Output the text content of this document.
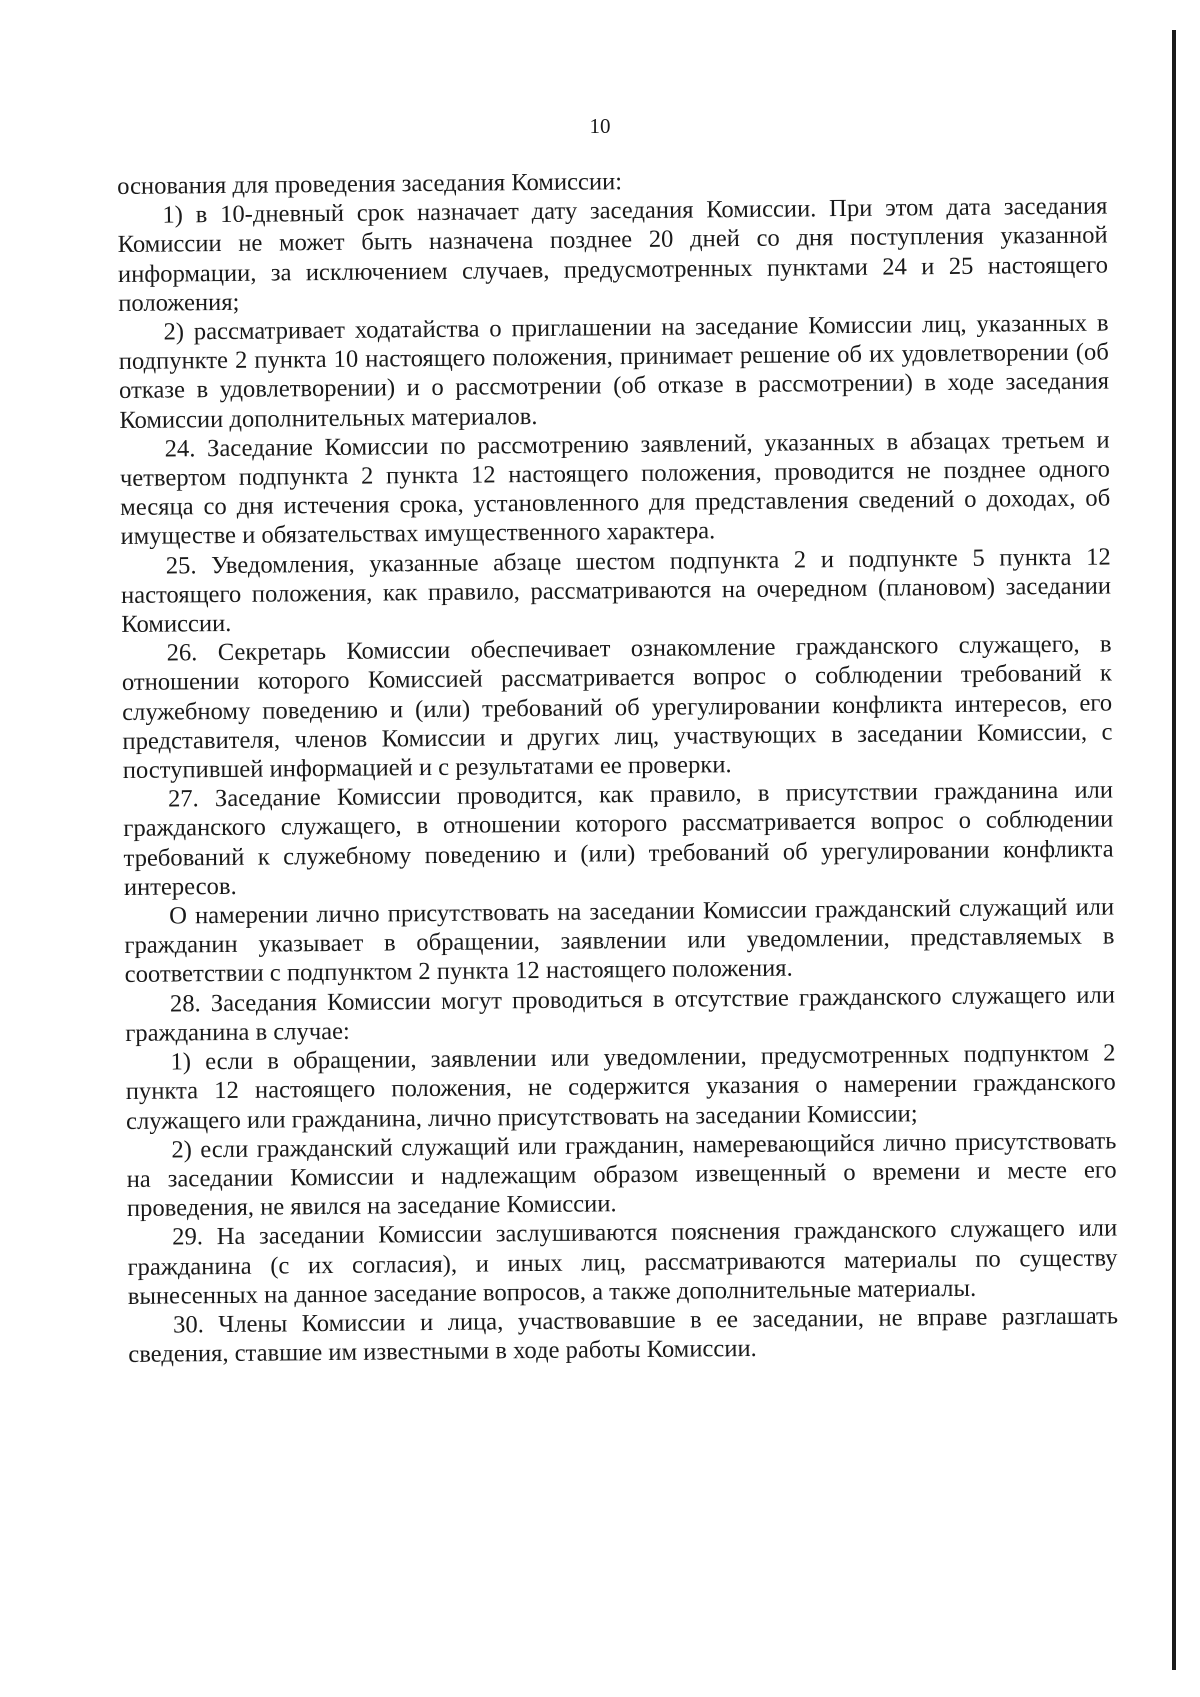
10

основания для проведения заседания Комиссии:

1) в 10-дневный срок назначает дату заседания Комиссии. При этом дата заседания Комиссии не может быть назначена позднее 20 дней со дня поступления указанной информации, за исключением случаев, предусмотренных пунктами 24 и 25 настоящего положения;

2) рассматривает ходатайства о приглашении на заседание Комиссии лиц, указанных в подпункте 2 пункта 10 настоящего положения, принимает решение об их удовлетворении (об отказе в удовлетворении) и о рассмотрении (об отказе в рассмотрении) в ходе заседания Комиссии дополнительных материалов.

24. Заседание Комиссии по рассмотрению заявлений, указанных в абзацах третьем и четвертом подпункта 2 пункта 12 настоящего положения, проводится не позднее одного месяца со дня истечения срока, установленного для представления сведений о доходах, об имуществе и обязательствах имущественного характера.

25. Уведомления, указанные абзаце шестом подпункта 2 и подпункте 5 пункта 12 настоящего положения, как правило, рассматриваются на очередном (плановом) заседании Комиссии.

26. Секретарь Комиссии обеспечивает ознакомление гражданского служащего, в отношении которого Комиссией рассматривается вопрос о соблюдении требований к служебному поведению и (или) требований об урегулировании конфликта интересов, его представителя, членов Комиссии и других лиц, участвующих в заседании Комиссии, с поступившей информацией и с результатами ее проверки.

27. Заседание Комиссии проводится, как правило, в присутствии гражданина или гражданского служащего, в отношении которого рассматривается вопрос о соблюдении требований к служебному поведению и (или) требований об урегулировании конфликта интересов.

О намерении лично присутствовать на заседании Комиссии гражданский служащий или гражданин указывает в обращении, заявлении или уведомлении, представляемых в соответствии с подпунктом 2 пункта 12 настоящего положения.

28. Заседания Комиссии могут проводиться в отсутствие гражданского служащего или гражданина в случае:

1) если в обращении, заявлении или уведомлении, предусмотренных подпунктом 2 пункта 12 настоящего положения, не содержится указания о намерении гражданского служащего или гражданина, лично присутствовать на заседании Комиссии;

2) если гражданский служащий или гражданин, намеревающийся лично присутствовать на заседании Комиссии и надлежащим образом извещенный о времени и месте его проведения, не явился на заседание Комиссии.

29. На заседании Комиссии заслушиваются пояснения гражданского служащего или гражданина (с их согласия), и иных лиц, рассматриваются материалы по существу вынесенных на данное заседание вопросов, а также дополнительные материалы.

30. Члены Комиссии и лица, участвовавшие в ее заседании, не вправе разглашать сведения, ставшие им известными в ходе работы Комиссии.
